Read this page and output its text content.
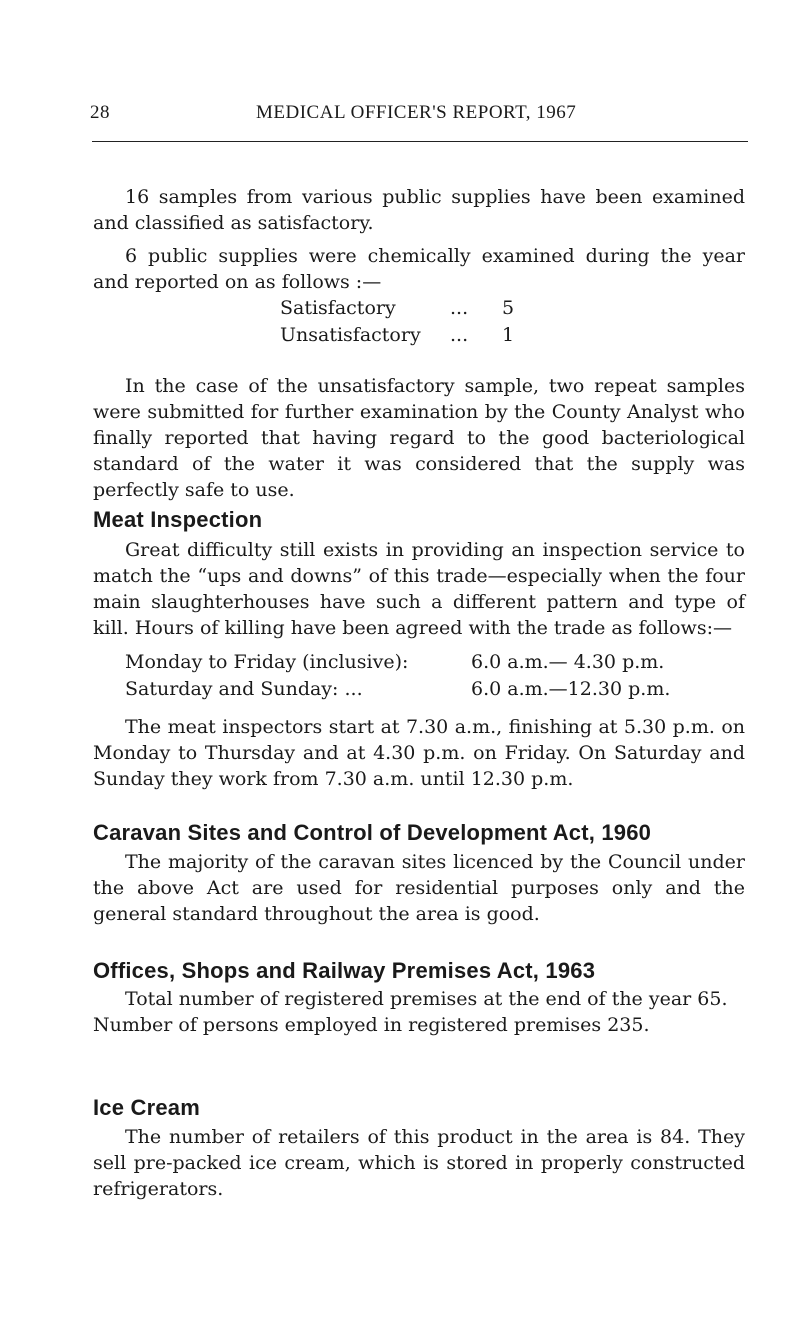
28	MEDICAL OFFICER'S REPORT, 1967

16 samples from various public supplies have been examined and classified as satisfactory.

6 public supplies were chemically examined during the year and reported on as follows :—

Satisfactory	... 5
Unsatisfactory ... 1

In the case of the unsatisfactory sample, two repeat samples were submitted for further examination by the County Analyst who finally reported that having regard to the good bacteriological standard of the water it was considered that the supply was perfectly safe to use.

Meat Inspection

Great difficulty still exists in providing an inspection service to match the “ups and downs” of this trade—especially when the four main slaughterhouses have such a different pattern and type of kill. Hours of killing have been agreed with the trade as follows:—

Monday to Friday (inclusive):	6.0 a.m.— 4.30 p.m.
Saturday and Sunday: ...	6.0 a.m.—12.30 p.m.

The meat inspectors start at 7.30 a.m., finishing at 5.30 p.m. on Monday to Thursday and at 4.30 p.m. on Friday. On Saturday and Sunday they work from 7.30 a.m. until 12.30 p.m.

Caravan Sites and Control of Development Act, 1960

The majority of the caravan sites licenced by the Council under the above Act are used for residential purposes only and the general standard throughout the area is good.

Offices, Shops and Railway Premises Act, 1963

Total number of registered premises at the end of the year 65.

Number of persons employed in registered premises 235.

Ice Cream

The number of retailers of this product in the area is 84. They sell pre-packed ice cream, which is stored in properly constructed refrigerators.
